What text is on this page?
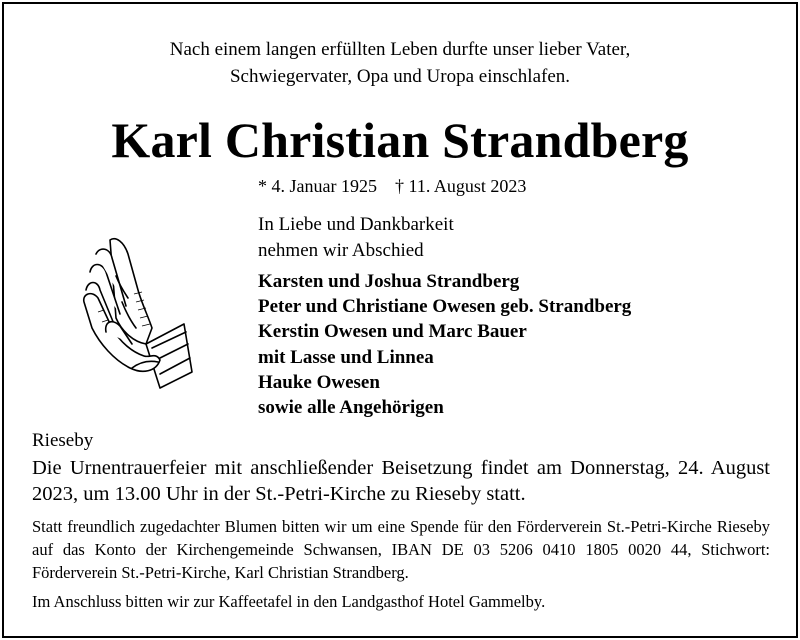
Nach einem langen erfüllten Leben durfte unser lieber Vater,
Schwiegervater, Opa und Uropa einschlafen.
Karl Christian Strandberg
* 4. Januar 1925 † 11. August 2023
In Liebe und Dankbarkeit
nehmen wir Abschied
Karsten und Joshua Strandberg
Peter und Christiane Owesen geb. Strandberg
Kerstin Owesen und Marc Bauer
mit Lasse und Linnea
Hauke Owesen
sowie alle Angehörigen
Rieseby
Die Urnentrauerfeier mit anschließender Beisetzung findet am Donnerstag, 24. August 2023, um 13.00 Uhr in der St.-Petri-Kirche zu Rieseby statt.
Statt freundlich zugedachter Blumen bitten wir um eine Spende für den Förderverein St.-Petri-Kirche Rieseby auf das Konto der Kirchengemeinde Schwansen, IBAN DE 03 5206 0410 1805 0020 44, Stichwort: Förderverein St.-Petri-Kirche, Karl Christian Strandberg.
Im Anschluss bitten wir zur Kaffeetafel in den Landgasthof Hotel Gammelby.
